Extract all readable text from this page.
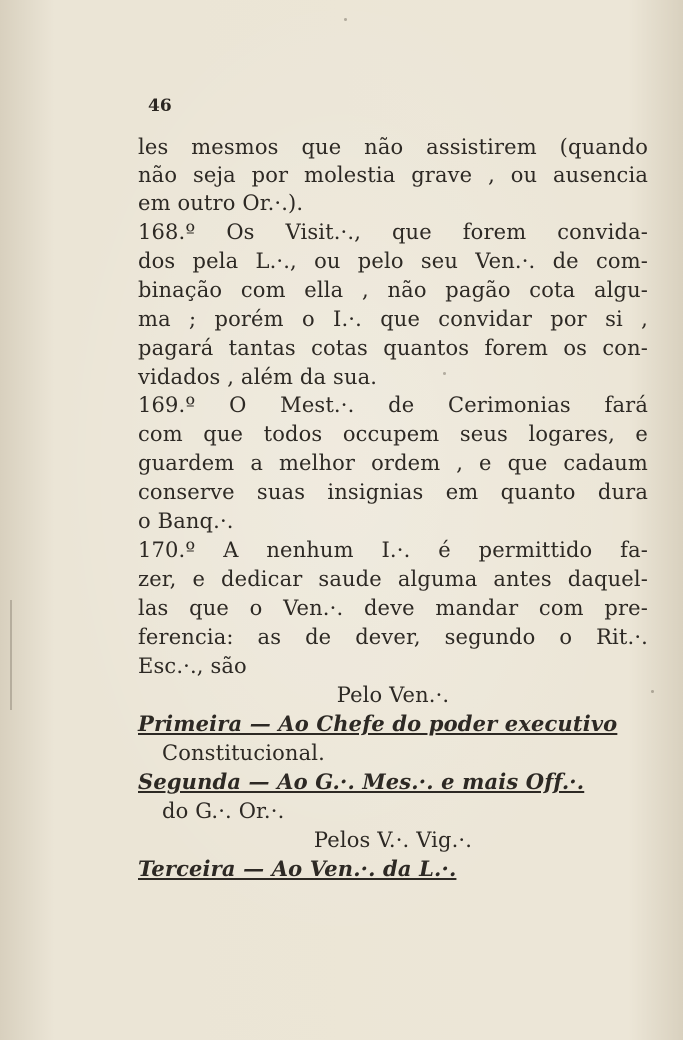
46
les mesmos que não assistirem (quando
não seja por molestia grave , ou ausencia
em outro Or.·.).
168.º Os Visit.·., que forem convida-
dos pela L.·., ou pelo seu Ven.·. de com-
binação com ella , não pagão cota algu-
ma ; porém o I.·. que convidar por si ,
pagará tantas cotas quantos forem os con-
vidados , além da sua.
169.º O Mest.·. de Cerimonias fará
com que todos occupem seus logares, e
guardem a melhor ordem , e que cadaum
conserve suas insignias em quanto dura
o Banq.·.
170.º A nenhum I.·. é permittido fa-
zer, e dedicar saude alguma antes daquel-
las que o Ven.·. deve mandar com pre-
ferencia: as de dever, segundo o Rit.·.
Esc.·., são
Pelo Ven.·.
Primeira — Ao Chefe do poder executivo
Constitucional.
Segunda — Ao G.·. Mes.·. e mais Off.·.
do G.·. Or.·.
Pelos V.·. Vig.·.
Terceira — Ao Ven.·. da L.·.
